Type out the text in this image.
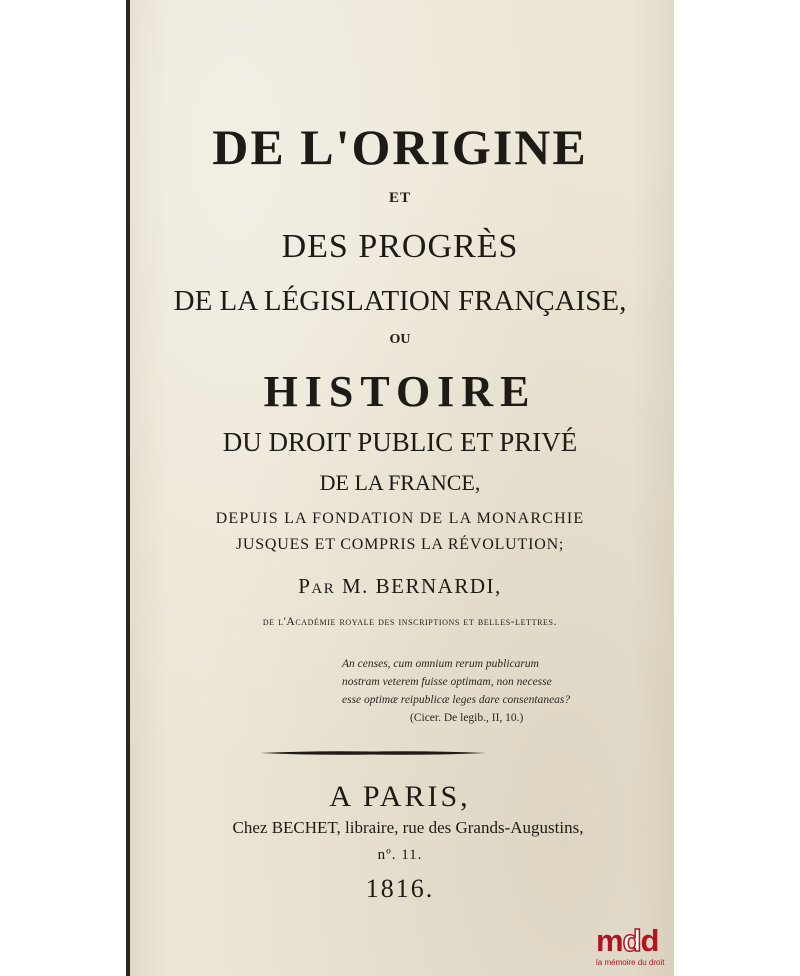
DE L'ORIGINE
ET
DES PROGRÈS
DE LA LÉGISLATION FRANÇAISE,
OU
HISTOIRE
DU DROIT PUBLIC ET PRIVÉ
DE LA FRANCE,
DEPUIS LA FONDATION DE LA MONARCHIE
JUSQUES ET COMPRIS LA RÉVOLUTION;
Par M. BERNARDI,
de l'Académie royale des inscriptions et belles-lettres.
An censes, cum omnium rerum publicarum
nostram veterem fuisse optimam, non necesse
esse optimæ reipublicæ leges dare consentaneas?
(Cicer. De legib., II, 10.)
A PARIS,
Chez BECHET, libraire, rue des Grands-Augustins,
nº. 11.
1816.
mdd
la mémoire du droit
